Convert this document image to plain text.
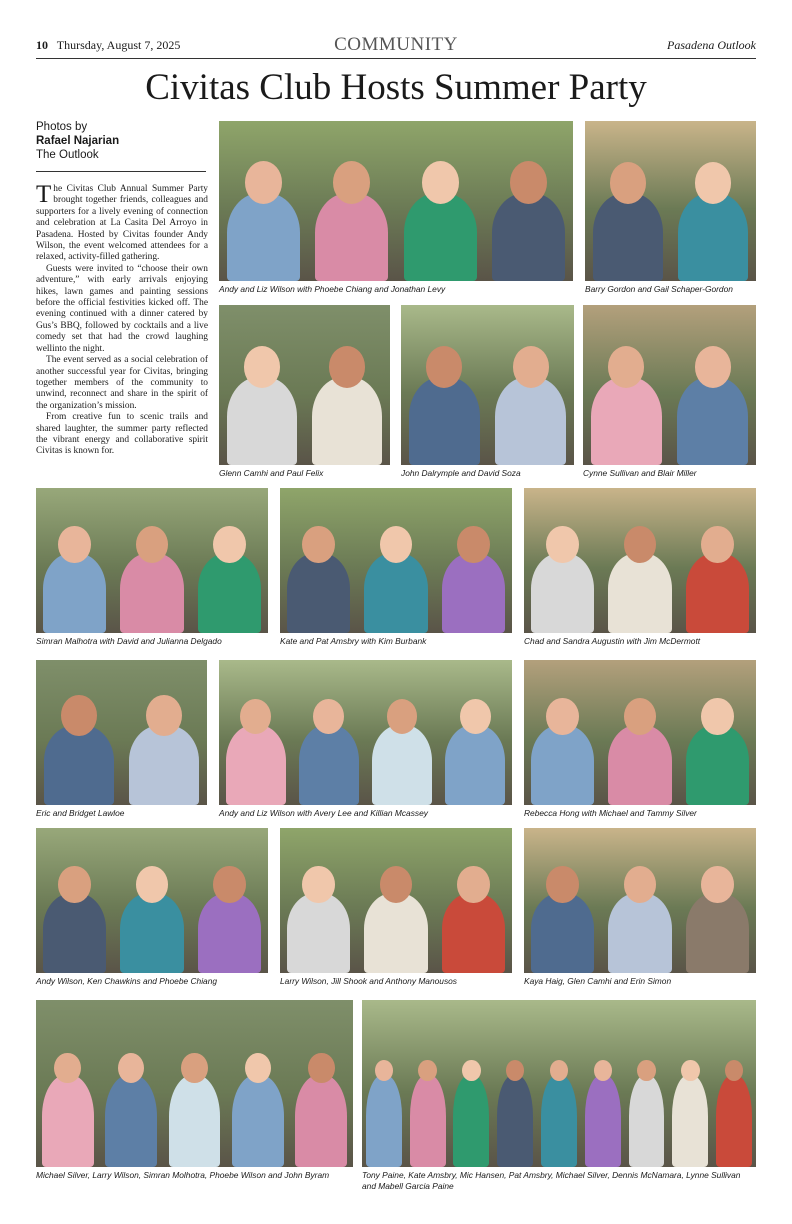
10 Thursday, August 7, 2025	COMMUNITY	Pasadena Outlook
Civitas Club Hosts Summer Party
Photos by

Rafael Najarian
The Outlook

The Civitas Club Annual Summer Party brought together friends, colleagues and supporters for a lively evening of connection and celebration at La Casita Del Arroyo in Pasadena. Hosted by Civitas founder Andy Wilson, the event welcomed attendees for a relaxed, activity-filled gathering.

Guests were invited to “choose their own adventure,” with early arrivals enjoying hikes, lawn games and painting sessions before the official festivities kicked off. The evening continued with a dinner catered by Gus’s BBQ, followed by cocktails and a live comedy set that had the crowd laughing wellinto the night.

The event served as a social celebration of another successful year for Civitas, bringing together members of the community to unwind, reconnect and share in the spirit of the organization’s mission.

From creative fun to scenic trails and shared laughter, the summer party reflected the vibrant energy and collaborative spirit Civitas is known for.

Andy and Liz Wilson with Phoebe Chiang and Jonathan Levy	Barry Gordon and Gail Schaper-Gordon
Glenn Camhi and Paul Felix	John Dalrymple and David Soza	Cynne Sullivan and Blair Miller
Simran Malhotra with David and Julianna Delgado	Kate and Pat Amsbry with Kim Burbank	Chad and Sandra Augustin with Jim McDermott
Eric and Bridget Lawloe	Andy and Liz Wilson with Avery Lee and Killian Mcassey	Rebecca Hong with Michael and Tammy Silver
Andy Wilson, Ken Chawkins and Phoebe Chiang	Larry Wilson, Jill Shook and Anthony Manousos	Kaya Haig, Glen Camhi and Erin Simon
Michael Silver, Larry Wilson, Simran Molhotra, Phoebe Wilson and John Byram	Tony Paine, Kate Amsbry, Mic Hansen, Pat Amsbry, Michael Silver, Dennis McNamara, Lynne Sullivan and Mabell Garcia Paine
